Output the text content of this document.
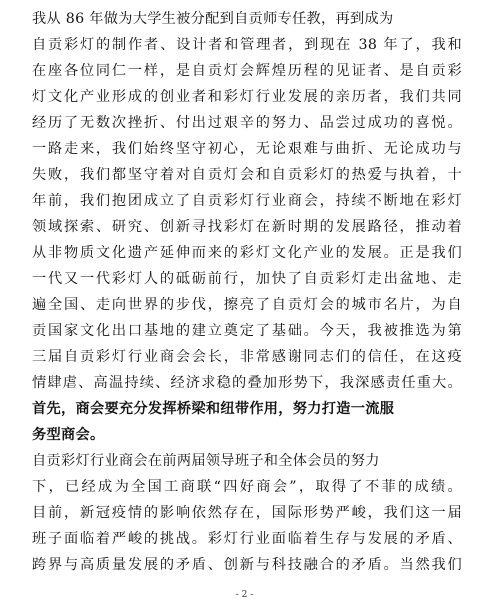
我从 86 年做为大学生被分配到自贡师专任教，再到成为
自贡彩灯的制作者、设计者和管理者，到现在 38 年了，我和
在座各位同仁一样，是自贡灯会辉煌历程的见证者、是自贡彩
灯文化产业形成的创业者和彩灯行业发展的亲历者，我们共同
经历了无数次挫折、付出过艰辛的努力、品尝过成功的喜悦。
一路走来，我们始终坚守初心，无论艰难与曲折、无论成功与
失败，我们都坚守着对自贡灯会和自贡彩灯的热爱与执着，十
年前，我们抱团成立了自贡彩灯行业商会，持续不断地在彩灯
领域探索、研究、创新寻找彩灯在新时期的发展路径，推动着
从非物质文化遗产延伸而来的彩灯文化产业的发展。正是我们
一代又一代彩灯人的砥砺前行，加快了自贡彩灯走出盆地、走
遍全国、走向世界的步伐，擦亮了自贡灯会的城市名片，为自
贡国家文化出口基地的建立奠定了基础。今天，我被推选为第
三届自贡彩灯行业商会会长，非常感谢同志们的信任，在这疫
情肆虐、高温持续、经济求稳的叠加形势下，我深感责任重大。
首先，商会要充分发挥桥梁和纽带作用，努力打造一流服
务型商会。
自贡彩灯行业商会在前两届领导班子和全体会员的努力
下，已经成为全国工商联“四好商会”，取得了不菲的成绩。
目前，新冠疫情的影响依然存在，国际形势严峻，我们这一届
班子面临着严峻的挑战。彩灯行业面临着生存与发展的矛盾、
跨界与高质量发展的矛盾、创新与科技融合的矛盾。当然我们
- 2 -
